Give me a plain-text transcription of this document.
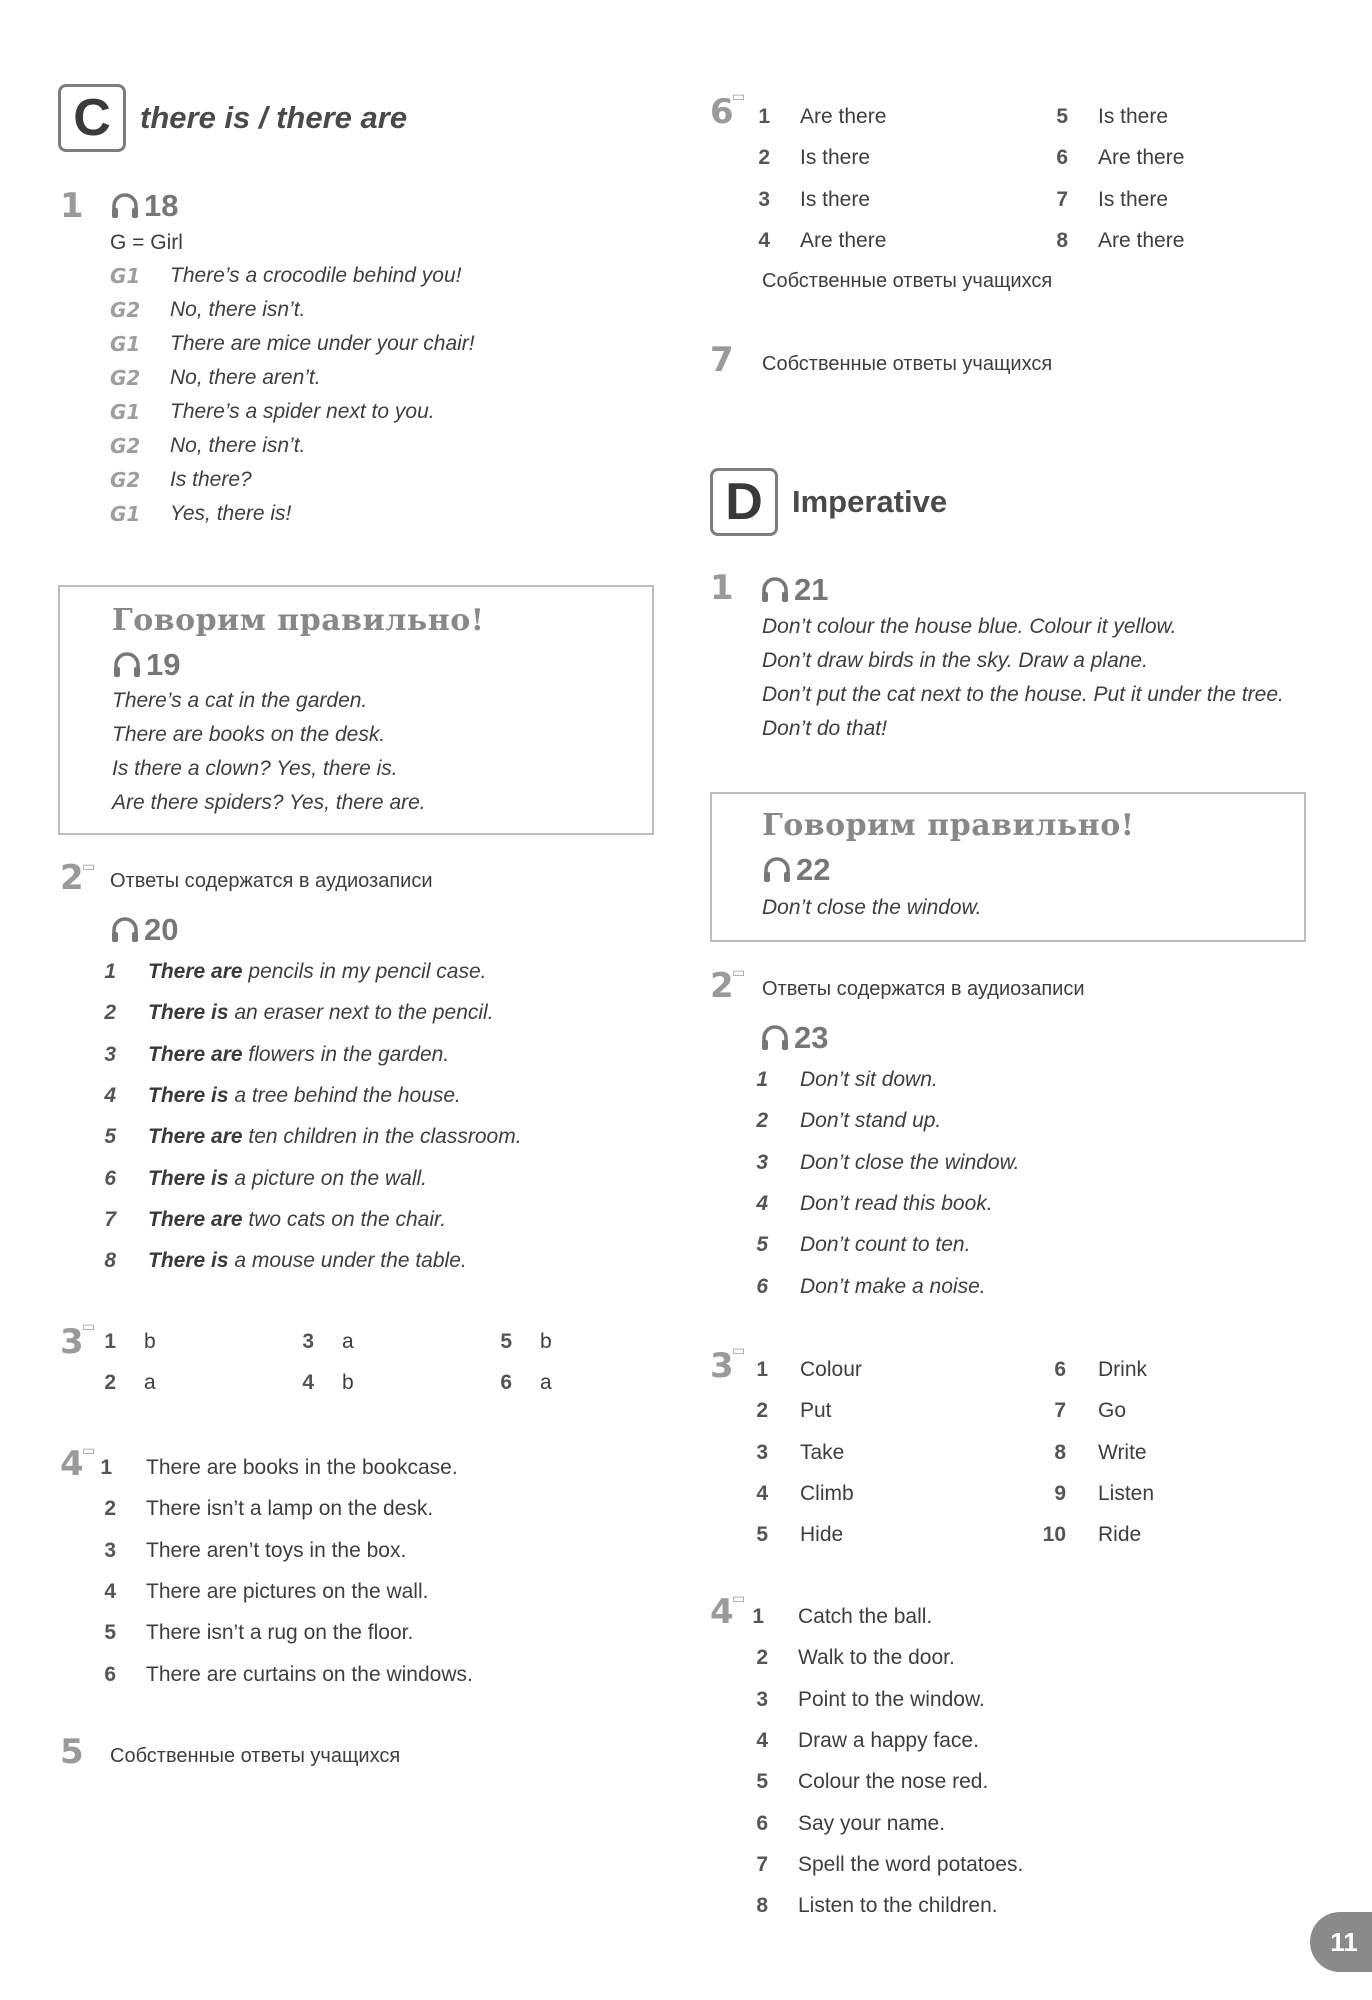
C there is / there are
1 18
G = Girl
G1 There’s a crocodile behind you!
G2 No, there isn’t.
G1 There are mice under your chair!
G2 No, there aren’t.
G1 There’s a spider next to you.
G2 No, there isn’t.
G2 Is there?
G1 Yes, there is!
Говорим правильно!
19
There’s a cat in the garden.
There are books on the desk.
Is there a clown? Yes, there is.
Are there spiders? Yes, there are.
2
▭
Ответы содержатся в аудиозаписи
20
1 There are pencils in my pencil case.
2 There is an eraser next to the pencil.
3 There are flowers in the garden.
4 There is a tree behind the house.
5 There are ten children in the classroom.
6 There is a picture on the wall.
7 There are two cats on the chair.
8 There is a mouse under the table.
3
▭
1 b
2 a
3 a
4 b
5 b
6 a
4
▭
1 There are books in the bookcase.
2 There isn’t a lamp on the desk.
3 There aren’t toys in the box.
4 There are pictures on the wall.
5 There isn’t a rug on the floor.
6 There are curtains on the windows.
5 Собственные ответы учащихся
6
▭
1 Are there
2 Is there
3 Is there
4 Are there
5 Is there
6 Are there
7 Is there
8 Are there
Собственные ответы учащихся
7 Собственные ответы учащихся
D Imperative
1 21
Don’t colour the house blue. Colour it yellow.
Don’t draw birds in the sky. Draw a plane.
Don’t put the cat next to the house. Put it under the tree.
Don’t do that!
Говорим правильно!
22
Don’t close the window.
2
▭
Ответы содержатся в аудиозаписи
23
1 Don’t sit down.
2 Don’t stand up.
3 Don’t close the window.
4 Don’t read this book.
5 Don’t count to ten.
6 Don’t make a noise.
3
▭
1 Colour
2 Put
3 Take
4 Climb
5 Hide
6 Drink
7 Go
8 Write
9 Listen
10 Ride
4
▭
1 Catch the ball.
2 Walk to the door.
3 Point to the window.
4 Draw a happy face.
5 Colour the nose red.
6 Say your name.
7 Spell the word potatoes.
8 Listen to the children.
11
